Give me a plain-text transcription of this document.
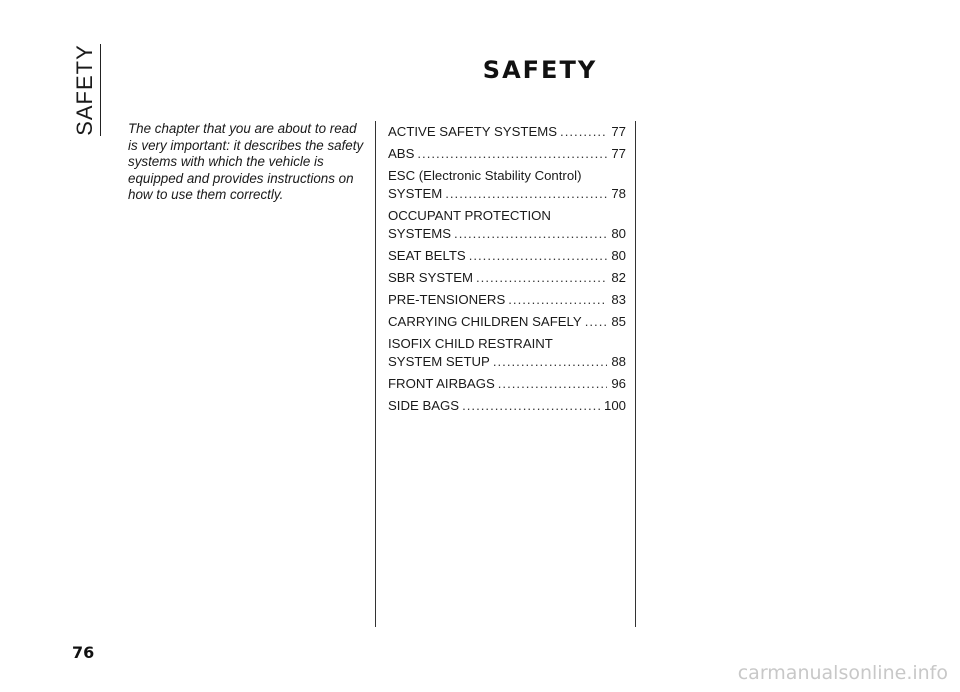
SAFETY	SAFETY

The chapter that you are about to read is very important: it describes the safety systems with which the vehicle is equipped and provides instructions on how to use them correctly.

ACTIVE SAFETY SYSTEMS .....	77
ABS .....	77
ESC (Electronic Stability Control)
SYSTEM .....	78
OCCUPANT PROTECTION
SYSTEMS .....	80
SEAT BELTS .....	80
SBR SYSTEM .....	82
PRE-TENSIONERS .....	83
CARRYING CHILDREN SAFELY ..... 85
ISOFIX CHILD RESTRAINT
SYSTEM SETUP .....	88
FRONT AIRBAGS .....	96
SIDE BAGS .....	100

76

carmanualsonline.info
